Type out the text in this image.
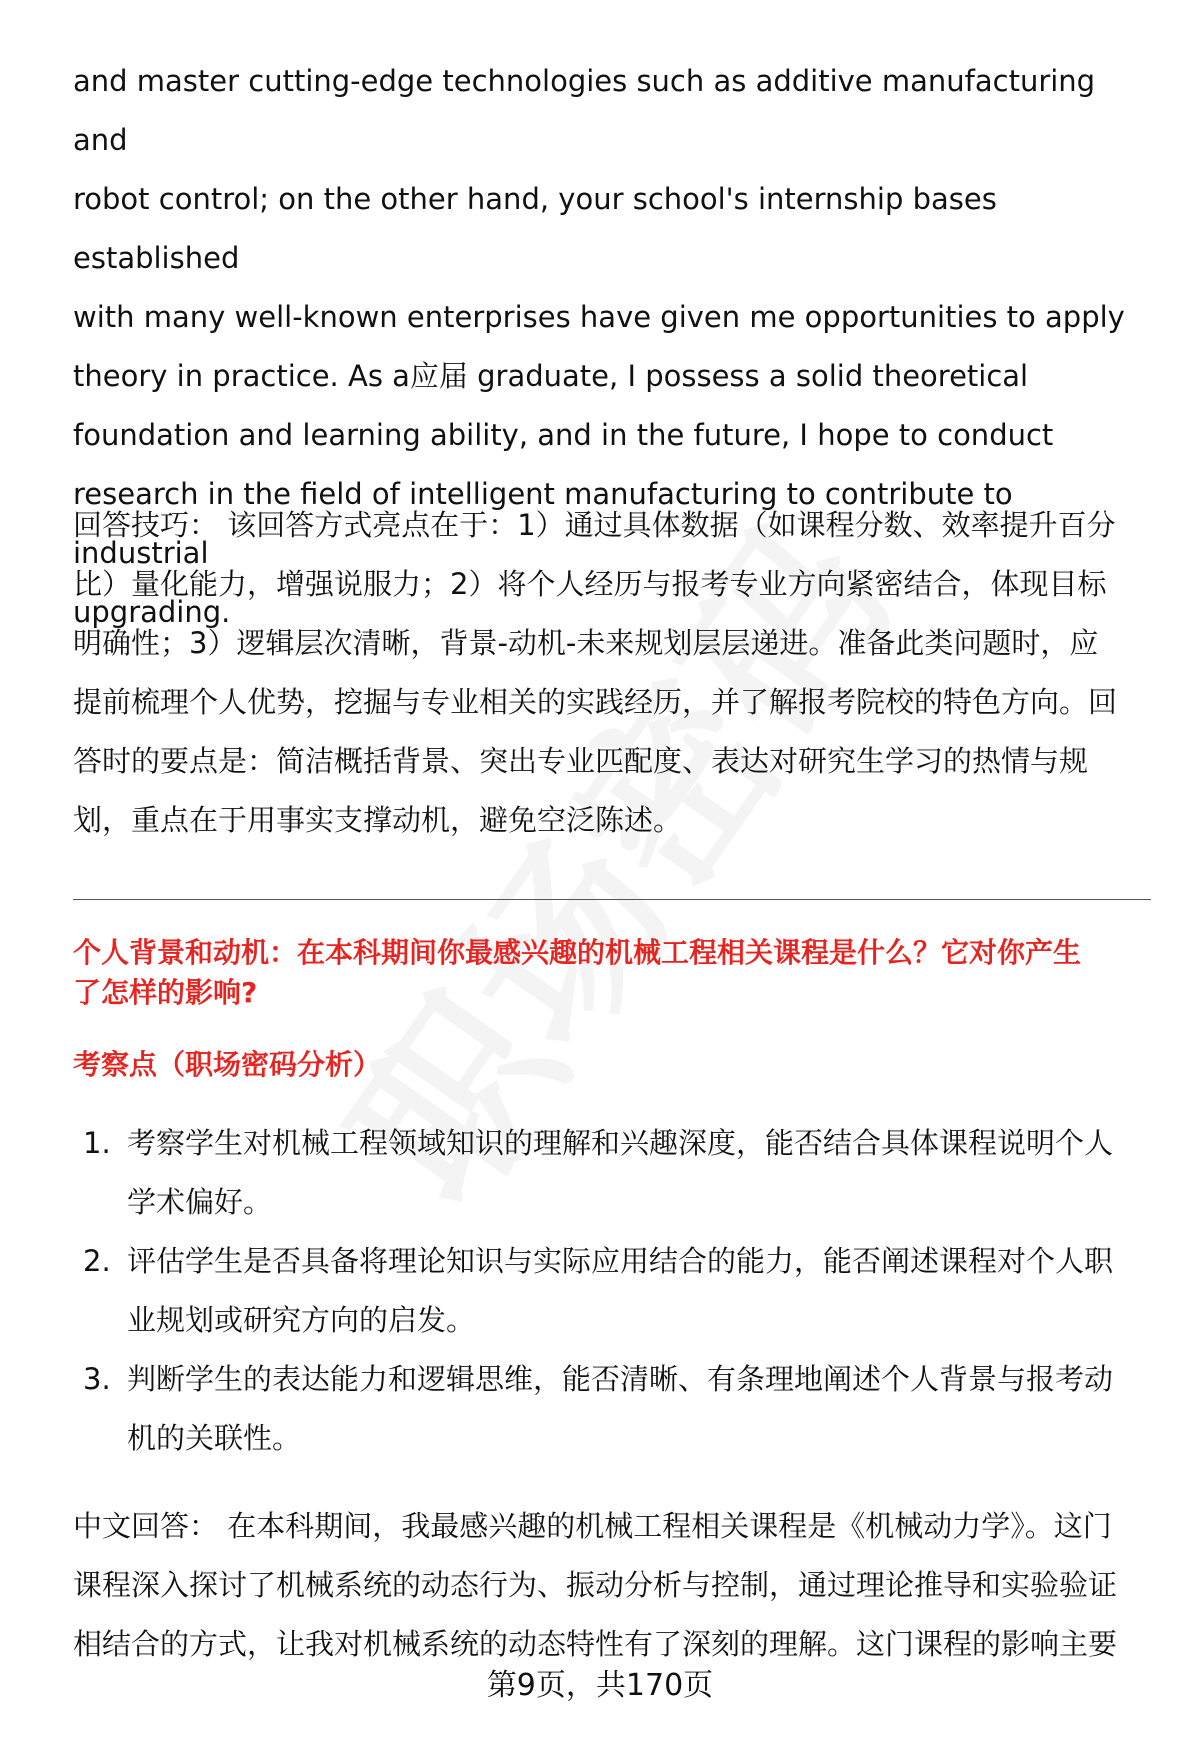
and master cutting-edge technologies such as additive manufacturing and

robot control; on the other hand, your school's internship bases established

with many well-known enterprises have given me opportunities to apply

theory in practice. As a应届 graduate, I possess a solid theoretical

foundation and learning ability, and in the future, I hope to conduct

research in the field of intelligent manufacturing to contribute to industrial

upgrading.

回答技巧： 该回答方式亮点在于：1）通过具体数据（如课程分数、效率提升百分

比）量化能力，增强说服力；2）将个人经历与报考专业方向紧密结合，体现目标

明确性；3）逻辑层次清晰，背景-动机-未来规划层层递进。准备此类问题时，应

提前梳理个人优势，挖掘与专业相关的实践经历，并了解报考院校的特色方向。回

答时的要点是：简洁概括背景、突出专业匹配度、表达对研究生学习的热情与规

划，重点在于用事实支撑动机，避免空泛陈述。

个人背景和动机：在本科期间你最感兴趣的机械工程相关课程是什么？它对你产生

了怎样的影响?

考察点（职场密码分析）
1. 考察学生对机械工程领域知识的理解和兴趣深度，能否结合具体课程说明个人

学术偏好。

2. 评估学生是否具备将理论知识与实际应用结合的能力，能否阐述课程对个人职

业规划或研究方向的启发。

3. 判断学生的表达能力和逻辑思维，能否清晰、有条理地阐述个人背景与报考动

机的关联性。

中文回答： 在本科期间，我最感兴趣的机械工程相关课程是《机械动力学》。这门

课程深入探讨了机械系统的动态行为、振动分析与控制，通过理论推导和实验验证

相结合的方式，让我对机械系统的动态特性有了深刻的理解。这门课程的影响主要

第9页，共170页
